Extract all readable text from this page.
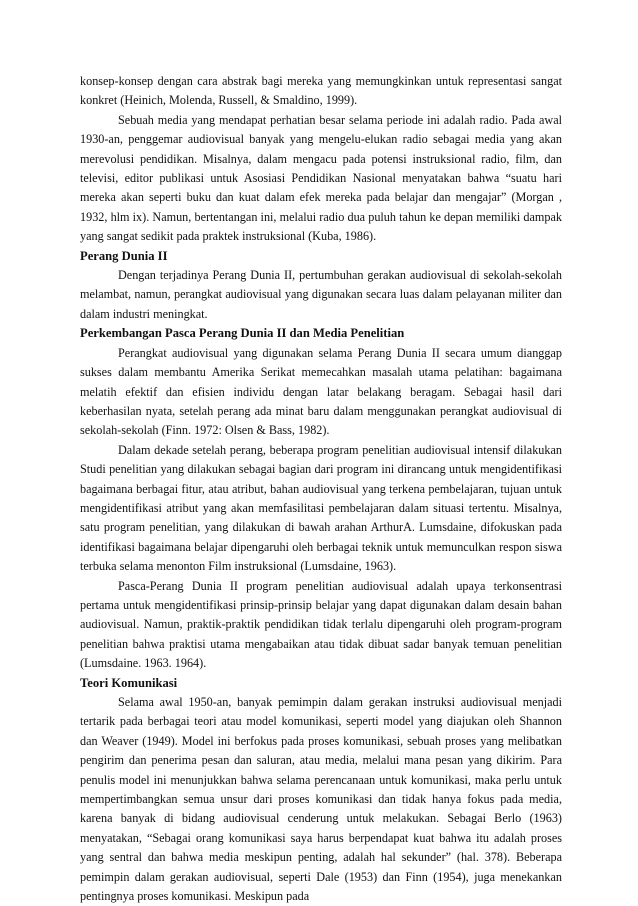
konsep-konsep dengan cara abstrak bagi mereka yang memungkinkan untuk representasi sangat konkret (Heinich, Molenda, Russell, & Smaldino, 1999).

Sebuah media yang mendapat perhatian besar selama periode ini adalah radio. Pada awal 1930-an, penggemar audiovisual banyak yang mengelu-elukan radio sebagai media yang akan merevolusi pendidikan. Misalnya, dalam mengacu pada potensi instruksional radio, film, dan televisi, editor publikasi untuk Asosiasi Pendidikan Nasional menyatakan bahwa “suatu hari mereka akan seperti buku dan kuat dalam efek mereka pada belajar dan mengajar” (Morgan , 1932, hlm ix). Namun, bertentangan ini, melalui radio dua puluh tahun ke depan memiliki dampak yang sangat sedikit pada praktek instruksional (Kuba, 1986).

Perang Dunia II

Dengan terjadinya Perang Dunia II, pertumbuhan gerakan audiovisual di sekolah-sekolah melambat, namun, perangkat audiovisual yang digunakan secara luas dalam pelayanan militer dan dalam industri meningkat.

Perkembangan Pasca Perang Dunia II dan Media Penelitian

Perangkat audiovisual yang digunakan selama Perang Dunia II secara umum dianggap sukses dalam membantu Amerika Serikat memecahkan masalah utama pelatihan: bagaimana melatih efektif dan efisien individu dengan latar belakang beragam. Sebagai hasil dari keberhasilan nyata, setelah perang ada minat baru dalam menggunakan perangkat audiovisual di sekolah-sekolah (Finn. 1972: Olsen & Bass, 1982).

Dalam dekade setelah perang, beberapa program penelitian audiovisual intensif dilakukan Studi penelitian yang dilakukan sebagai bagian dari program ini dirancang untuk mengidentifikasi bagaimana berbagai fitur, atau atribut, bahan audiovisual yang terkena pembelajaran, tujuan untuk mengidentifikasi atribut yang akan memfasilitasi pembelajaran dalam situasi tertentu. Misalnya, satu program penelitian, yang dilakukan di bawah arahan ArthurA. Lumsdaine, difokuskan pada identifikasi bagaimana belajar dipengaruhi oleh berbagai teknik untuk memunculkan respon siswa terbuka selama menonton Film instruksional (Lumsdaine, 1963).

Pasca-Perang Dunia II program penelitian audiovisual adalah upaya terkonsentrasi pertama untuk mengidentifikasi prinsip-prinsip belajar yang dapat digunakan dalam desain bahan audiovisual. Namun, praktik-praktik pendidikan tidak terlalu dipengaruhi oleh program-program penelitian bahwa praktisi utama mengabaikan atau tidak dibuat sadar banyak temuan penelitian (Lumsdaine. 1963. 1964).

Teori Komunikasi

Selama awal 1950-an, banyak pemimpin dalam gerakan instruksi audiovisual menjadi tertarik pada berbagai teori atau model komunikasi, seperti model yang diajukan oleh Shannon dan Weaver (1949). Model ini berfokus pada proses komunikasi, sebuah proses yang melibatkan pengirim dan penerima pesan dan saluran, atau media, melalui mana pesan yang dikirim. Para penulis model ini menunjukkan bahwa selama perencanaan untuk komunikasi, maka perlu untuk mempertimbangkan semua unsur dari proses komunikasi dan tidak hanya fokus pada media, karena banyak di bidang audiovisual cenderung untuk melakukan. Sebagai Berlo (1963) menyatakan, “Sebagai orang komunikasi saya harus berpendapat kuat bahwa itu adalah proses yang sentral dan bahwa media meskipun penting, adalah hal sekunder” (hal. 378). Beberapa pemimpin dalam gerakan audiovisual, seperti Dale (1953) dan Finn (1954), juga menekankan pentingnya proses komunikasi. Meskipun pada
